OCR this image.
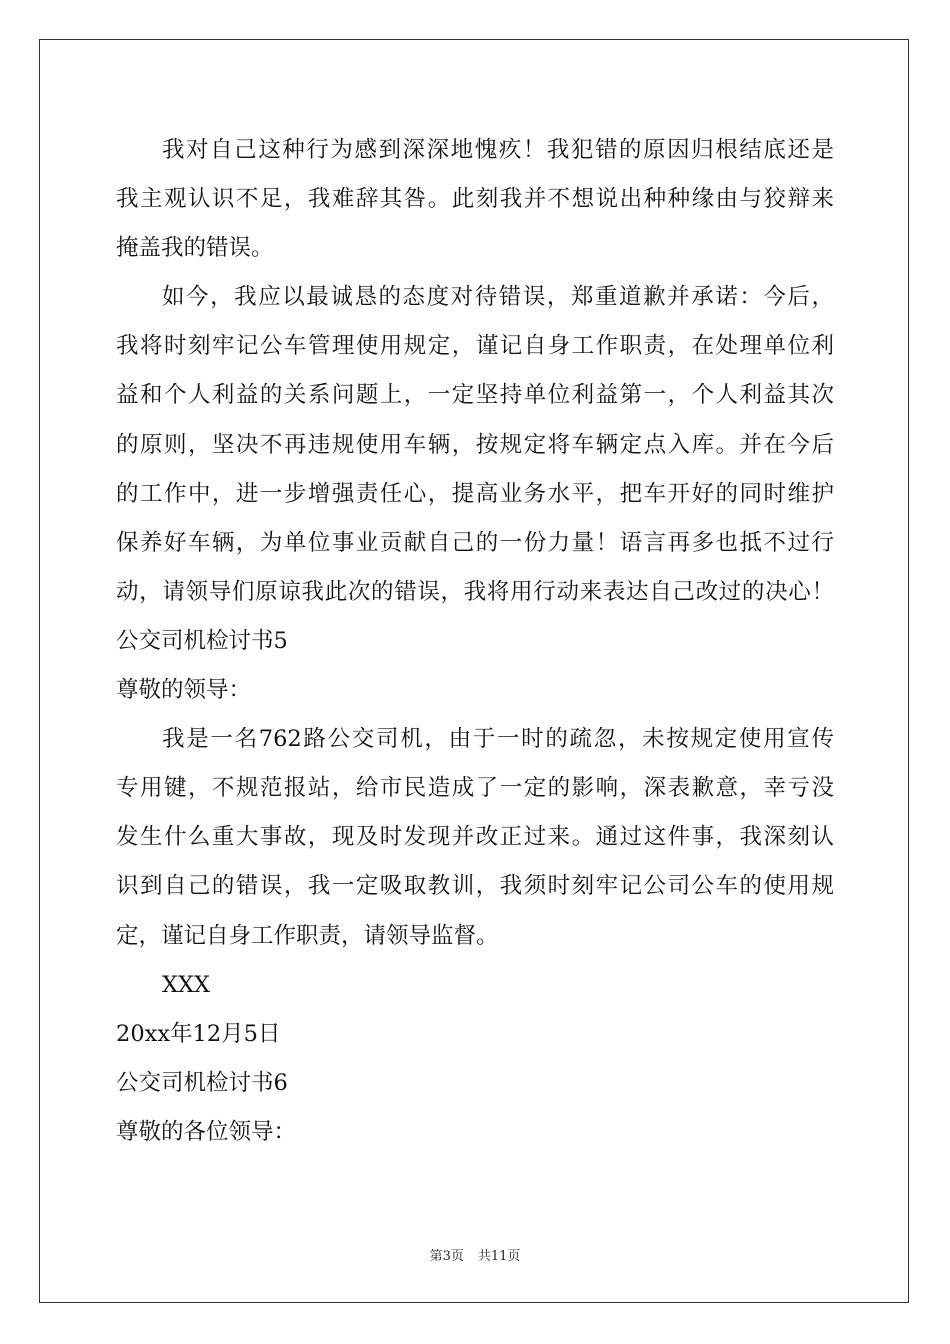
我对自己这种行为感到深深地愧疚！我犯错的原因归根结底还是
我主观认识不足，我难辞其咎。此刻我并不想说出种种缘由与狡辩来
掩盖我的错误。
如今，我应以最诚恳的态度对待错误，郑重道歉并承诺：今后，
我将时刻牢记公车管理使用规定，谨记自身工作职责，在处理单位利
益和个人利益的关系问题上，一定坚持单位利益第一，个人利益其次
的原则，坚决不再违规使用车辆，按规定将车辆定点入库。并在今后
的工作中，进一步增强责任心，提高业务水平，把车开好的同时维护
保养好车辆，为单位事业贡献自己的一份力量！语言再多也抵不过行
动，请领导们原谅我此次的错误，我将用行动来表达自己改过的决心！
公交司机检讨书5
尊敬的领导：
我是一名762路公交司机，由于一时的疏忽，未按规定使用宣传
专用键，不规范报站，给市民造成了一定的影响，深表歉意，幸亏没
发生什么重大事故，现及时发现并改正过来。通过这件事，我深刻认
识到自己的错误，我一定吸取教训，我须时刻牢记公司公车的使用规
定，谨记自身工作职责，请领导监督。
XXX
20xx年12月5日
公交司机检讨书6
尊敬的各位领导：
第3页 共11页
